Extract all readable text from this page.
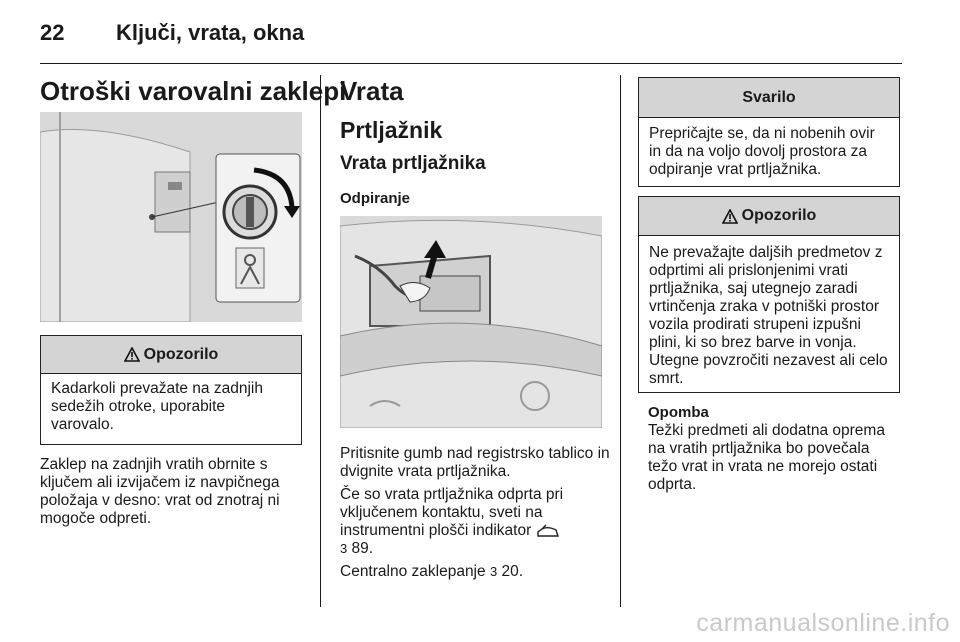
22 Ključi, vrata, okna
Otroški varovalni zaklepi
Opozorilo
Kadarkoli prevažate na zadnjih sedežih otroke, uporabite varovalo.
Zaklep na zadnjih vratih obrnite s ključem ali izvijačem iz navpičnega položaja v desno: vrat od znotraj ni mogoče odpreti.
Vrata
Prtljažnik
Vrata prtljažnika
Odpiranje
Pritisnite gumb nad registrsko tablico in dvignite vrata prtljažnika.
Če so vrata prtljažnika odprta pri vključenem kontaktu, sveti na instrumentni plošči indikator
3 89.
Centralno zaklepanje 3 20.
Svarilo
Prepričajte se, da ni nobenih ovir in da na voljo dovolj prostora za odpiranje vrat prtljažnika.
Opozorilo
Ne prevažajte daljših predmetov z odprtimi ali prislonjenimi vrati prtljažnika, saj utegnejo zaradi vrtinčenja zraka v potniški prostor vozila prodirati strupeni izpušni plini, ki so brez barve in vonja. Utegne povzročiti nezavest ali celo smrt.
Opomba
Težki predmeti ali dodatna oprema na vratih prtljažnika bo povečala težo vrat in vrata ne morejo ostati odprta.
carmanualsonline.info
